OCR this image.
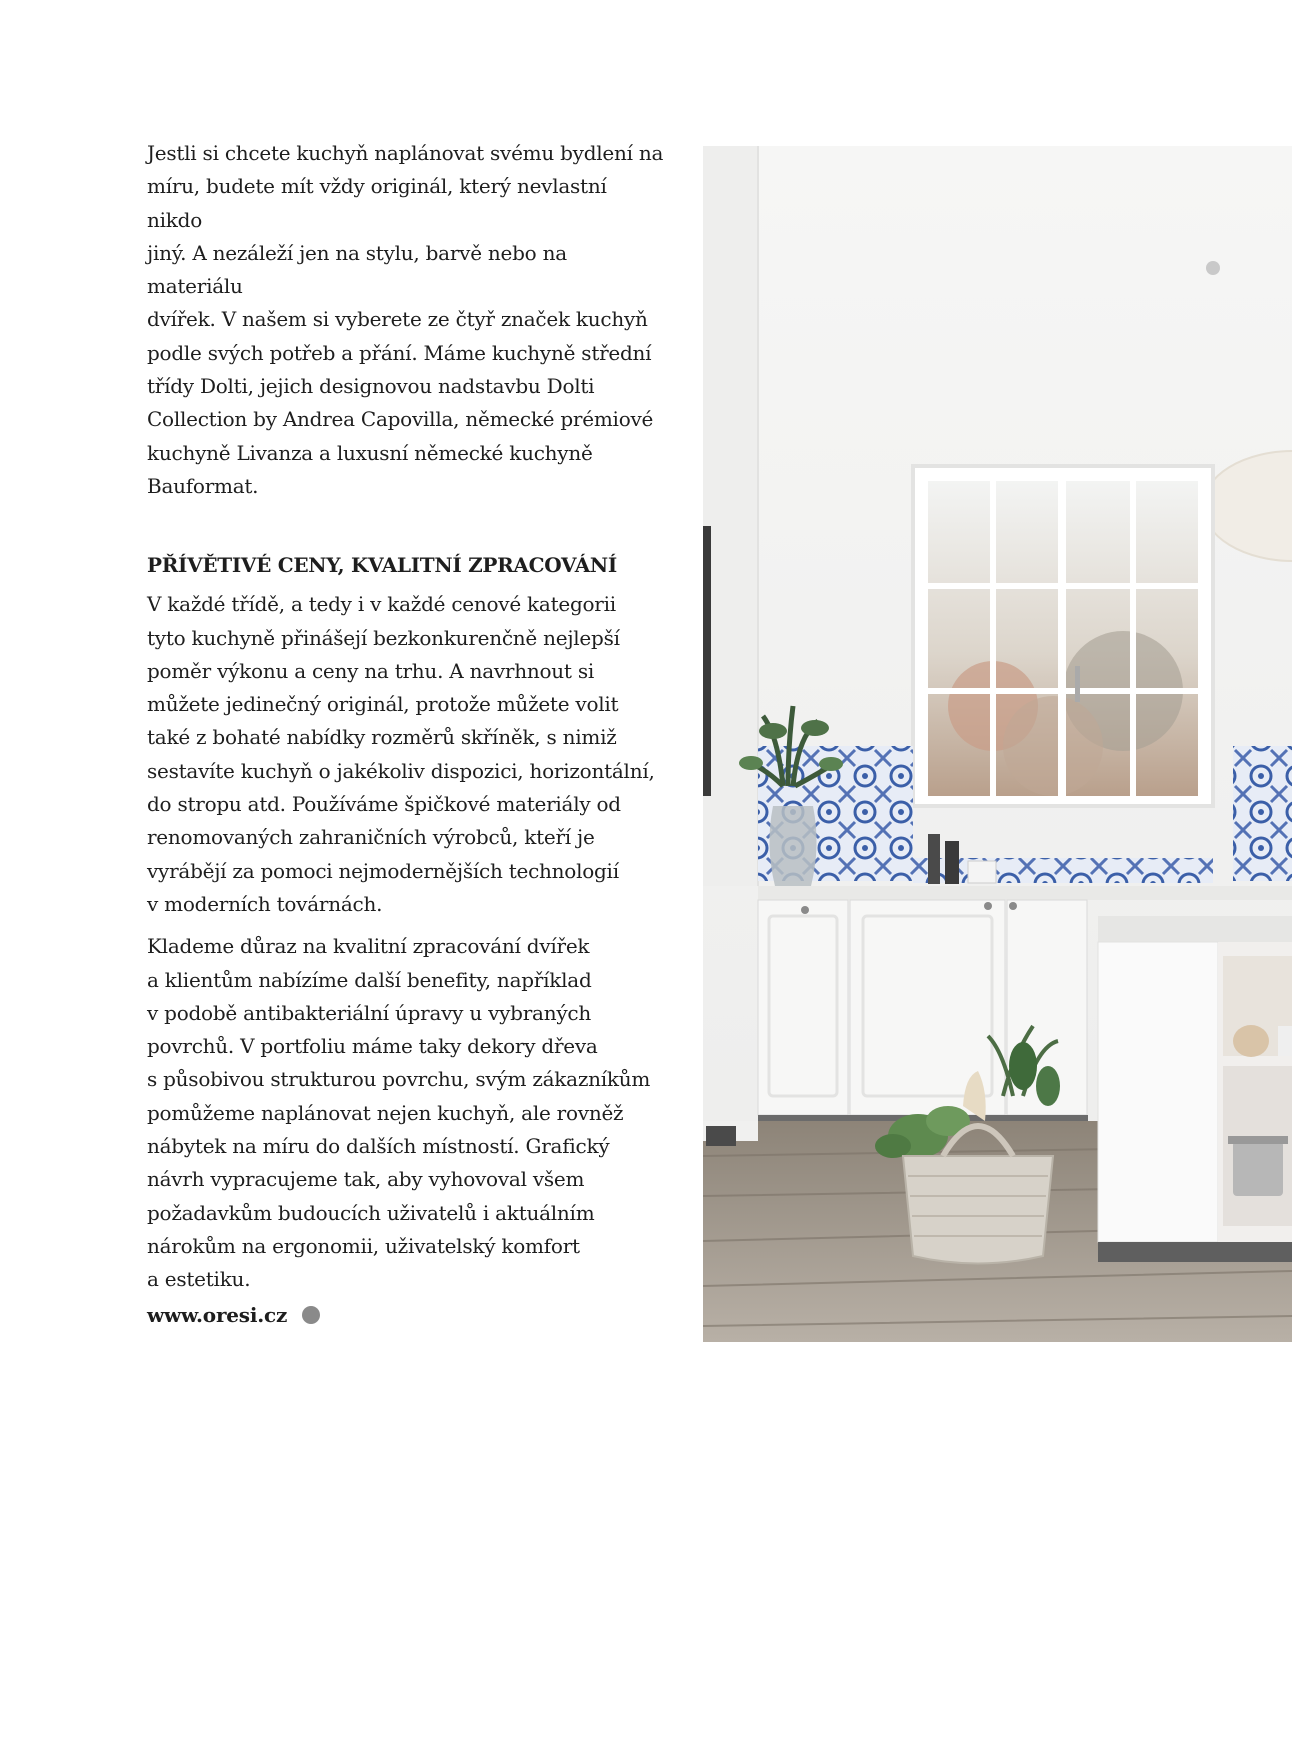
Jestli si chcete kuchyň naplánovat svému bydlení na
míru, budete mít vždy originál, který nevlastní nikdo
jiný. A nezáleží jen na stylu, barvě nebo na materiálu
dvířek. V našem si vyberete ze čtyř značek kuchyň
podle svých potřeb a přání. Máme kuchyně střední
třídy Dolti, jejich designovou nadstavbu Dolti
Collection by Andrea Capovilla, německé prémiové
kuchyně Livanza a luxusní německé kuchyně
Bauformat.

PŘÍVĚTIVÉ CENY, KVALITNÍ ZPRACOVÁNÍ

V každé třídě, a tedy i v každé cenové kategorii
tyto kuchyně přinášejí bezkonkurenčně nejlepší
poměr výkonu a ceny na trhu. A navrhnout si
můžete jedinečný originál, protože můžete volit
také z bohaté nabídky rozměrů skříněk, s nimiž
sestavíte kuchyň o jakékoliv dispozici, horizontální,
do stropu atd. Používáme špičkové materiály od
renomovaných zahraničních výrobců, kteří je
vyrábějí za pomoci nejmodernějších technologií
v moderních továrnách.

Klademe důraz na kvalitní zpracování dvířek
a klientům nabízíme další benefity, například
v podobě antibakteriální úpravy u vybraných
povrchů. V portfoliu máme taky dekory dřeva
s působivou strukturou povrchu, svým zákazníkům
pomůžeme naplánovat nejen kuchyň, ale rovněž
nábytek na míru do dalších místností. Grafický
návrh vypracujeme tak, aby vyhovoval všem
požadavkům budoucích uživatelů i aktuálním
nárokům na ergonomii, uživatelský komfort
a estetiku.

www.oresi.cz
